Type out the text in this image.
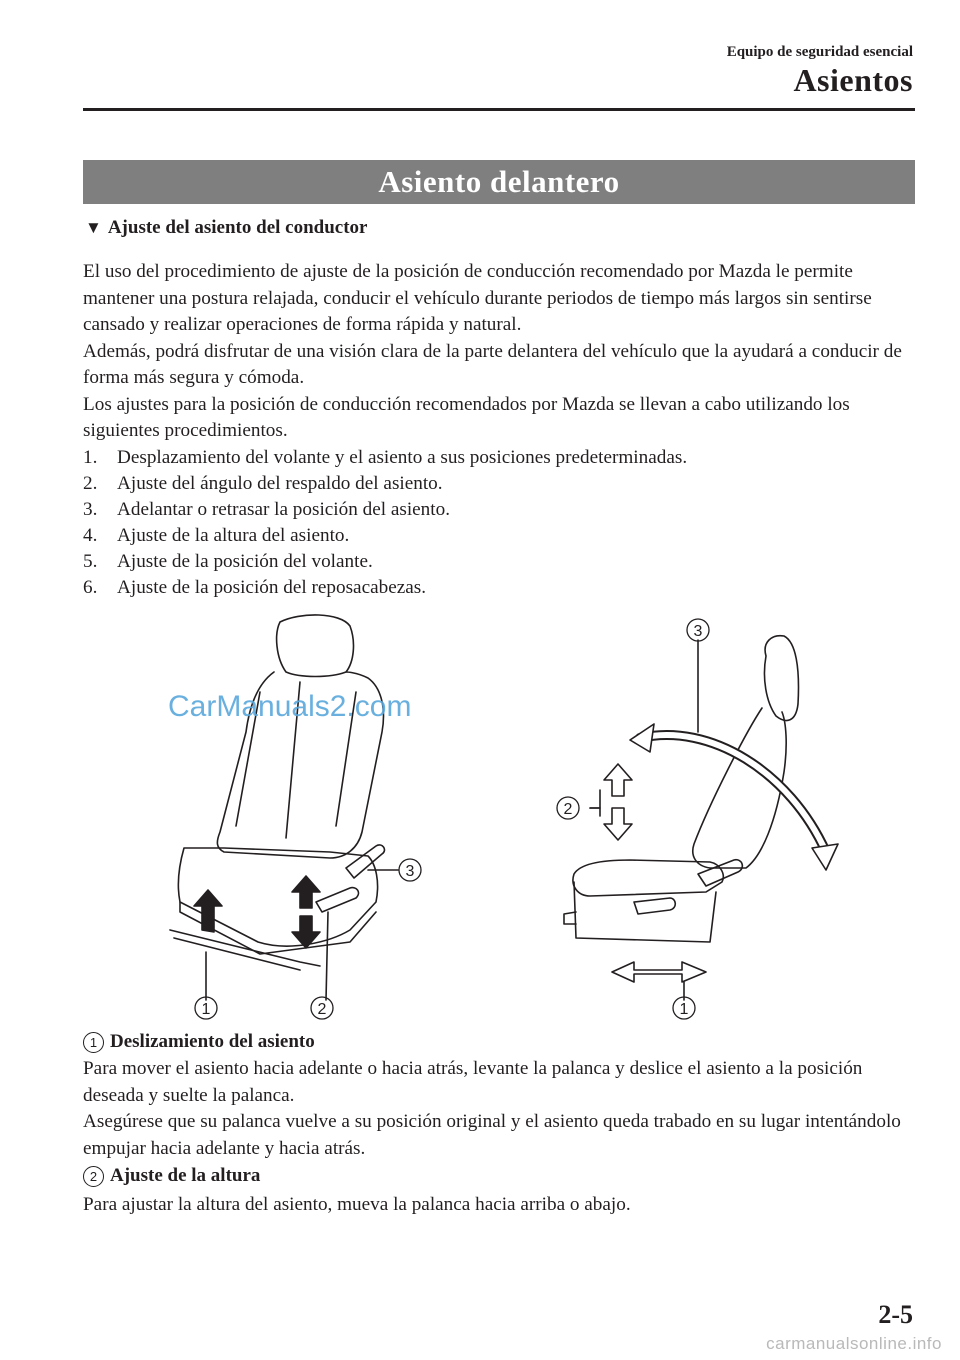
Equipo de seguridad esencial
Asientos
Asiento delantero
▼ Ajuste del asiento del conductor
El uso del procedimiento de ajuste de la posición de conducción recomendado por Mazda le permite mantener una postura relajada, conducir el vehículo durante periodos de tiempo más largos sin sentirse cansado y realizar operaciones de forma rápida y natural.
Además, podrá disfrutar de una visión clara de la parte delantera del vehículo que la ayudará a conducir de forma más segura y cómoda.
Los ajustes para la posición de conducción recomendados por Mazda se llevan a cabo utilizando los siguientes procedimientos.
1.	Desplazamiento del volante y el asiento a sus posiciones predeterminadas.
2.	Ajuste del ángulo del respaldo del asiento.
3.	Adelantar o retrasar la posición del asiento.
4.	Ajuste de la altura del asiento.
5.	Ajuste de la posición del volante.
6.	Ajuste de la posición del reposacabezas.
1	2
3
3
2
1
CarManuals2.com
1 Deslizamiento del asiento
Para mover el asiento hacia adelante o hacia atrás, levante la palanca y deslice el asiento a la posición deseada y suelte la palanca.
Asegúrese que su palanca vuelve a su posición original y el asiento queda trabado en su lugar intentándolo empujar hacia adelante y hacia atrás.
2 Ajuste de la altura
Para ajustar la altura del asiento, mueva la palanca hacia arriba o abajo.
2-5
carmanualsonline.info
